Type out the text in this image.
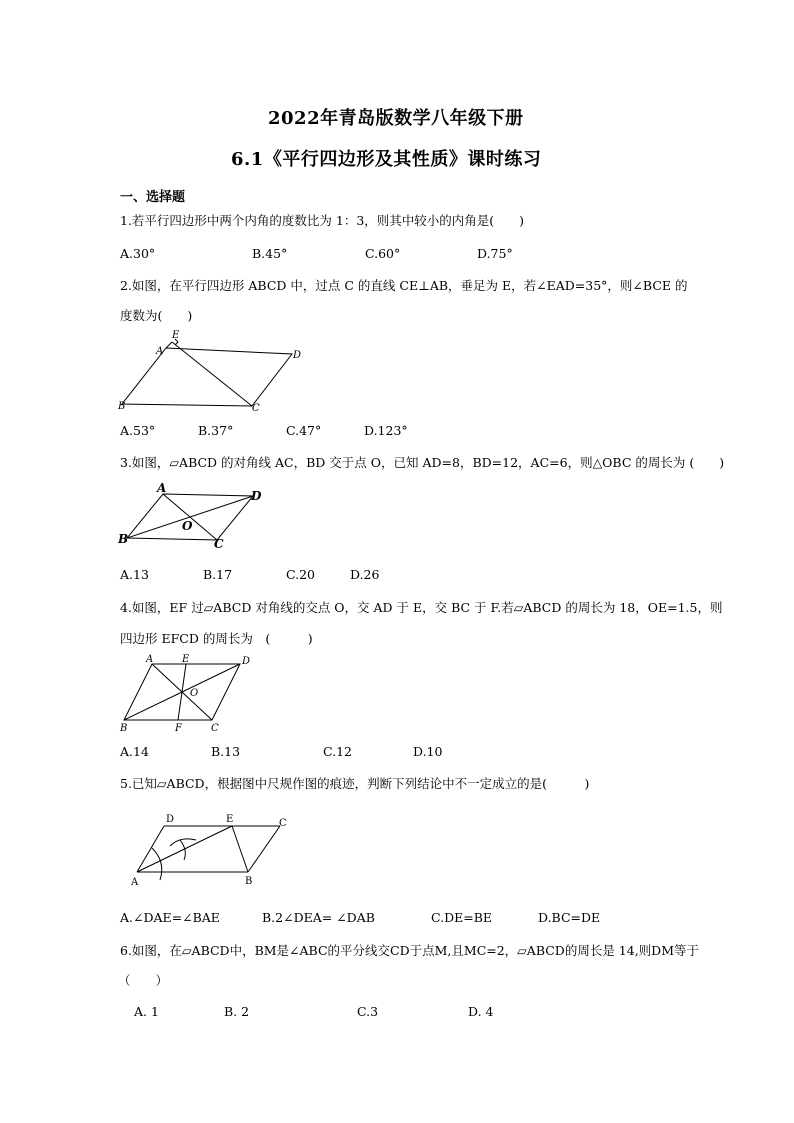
2022年青岛版数学八年级下册
6.1《平行四边形及其性质》课时练习
一、选择题
1.若平行四边形中两个内角的度数比为 1：3，则其中较小的内角是(　　)
A.30°	B.45°	C.60°	D.75°
2.如图，在平行四边形 ABCD 中，过点 C 的直线 CE⊥AB，垂足为 E，若∠EAD=35°，则∠BCE 的
度数为(　　)
E
A	D
B	C
A.53°	B.37°	C.47°	D.123°
3.如图，▱ABCD 的对角线 AC，BD 交于点 O，已知 AD=8，BD=12，AC=6，则△OBC 的周长为 (　　)
A
D
O
B	C
A.13	B.17	C.20	D.26
4.如图，EF 过▱ABCD 对角线的交点 O，交 AD 于 E，交 BC 于 F.若▱ABCD 的周长为 18，OE=1.5，则
四边形 EFCD 的周长为　(　　　)
A	E	D
O
B	F	C
A.14	B.13	C.12	D.10
5.已知▱ABCD，根据图中尺规作图的痕迹，判断下列结论中不一定成立的是(　　　)
D	E	C
A	B
A.∠DAE=∠BAE	B.2∠DEA= ∠DAB	C.DE=BE	D.BC=DE
6.如图，在▱ABCD中，BM是∠ABC的平分线交CD于点M,且MC=2，▱ABCD的周长是 14,则DM等于
（　　）
A. 1	B. 2	C.3	D. 4
